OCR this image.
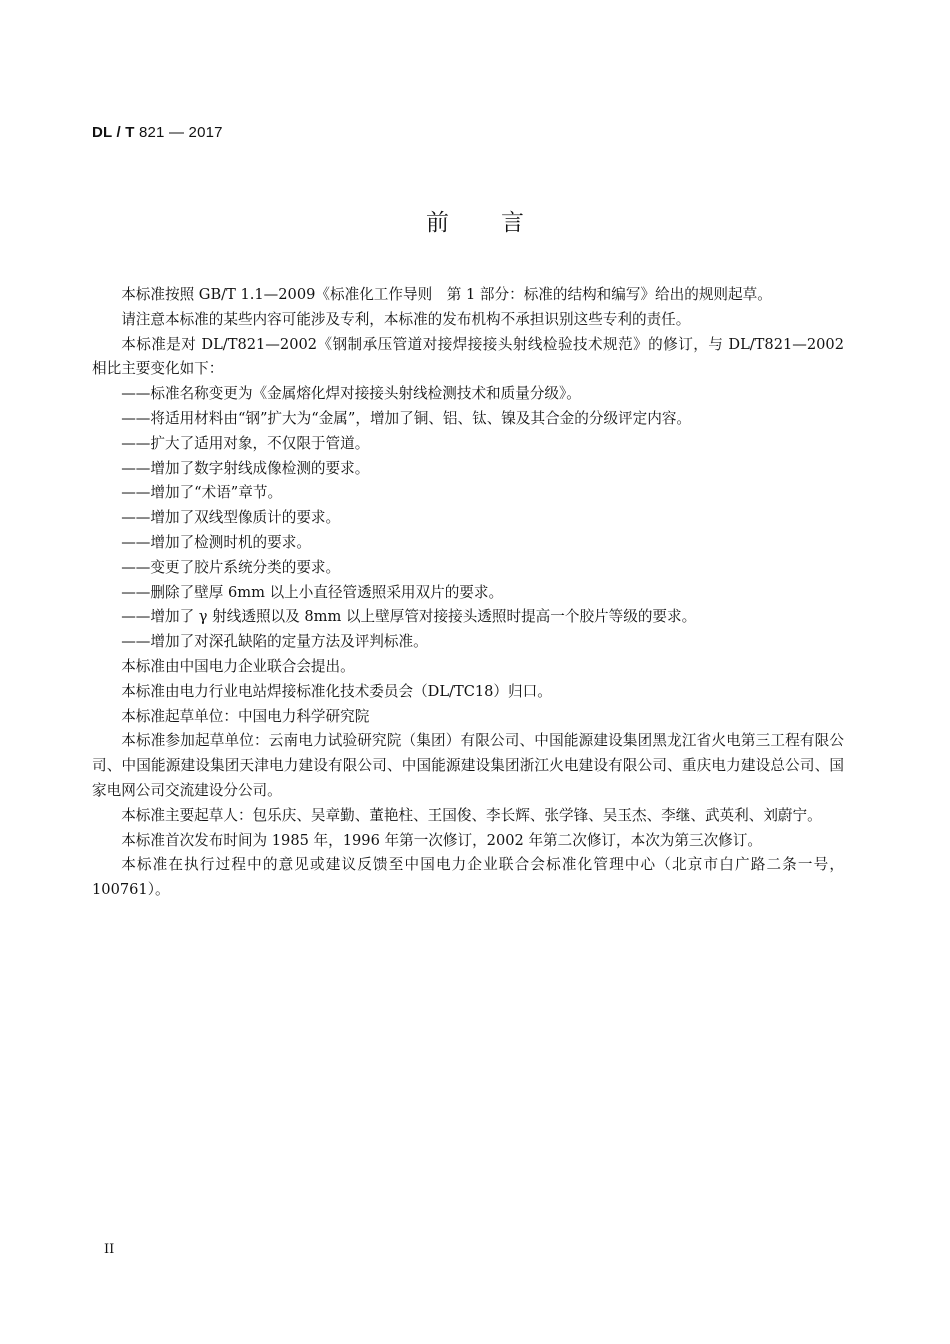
DL / T 821 — 2017
前言

本标准按照 GB/T 1.1—2009《标准化工作导则　第 1 部分：标准的结构和编写》给出的规则起草。

请注意本标准的某些内容可能涉及专利，本标准的发布机构不承担识别这些专利的责任。

本标准是对 DL/T821—2002《钢制承压管道对接焊接接头射线检验技术规范》的修订，与 DL/T821—2002 相比主要变化如下：

——标准名称变更为《金属熔化焊对接接头射线检测技术和质量分级》。

——将适用材料由“钢”扩大为“金属”，增加了铜、铝、钛、镍及其合金的分级评定内容。

——扩大了适用对象，不仅限于管道。

——增加了数字射线成像检测的要求。

——增加了“术语”章节。

——增加了双线型像质计的要求。

——增加了检测时机的要求。

——变更了胶片系统分类的要求。

——删除了壁厚 6mm 以上小直径管透照采用双片的要求。

——增加了 γ 射线透照以及 8mm 以上壁厚管对接接头透照时提高一个胶片等级的要求。

——增加了对深孔缺陷的定量方法及评判标准。

本标准由中国电力企业联合会提出。

本标准由电力行业电站焊接标准化技术委员会（DL/TC18）归口。

本标准起草单位：中国电力科学研究院

本标准参加起草单位：云南电力试验研究院（集团）有限公司、中国能源建设集团黑龙江省火电第三工程有限公司、中国能源建设集团天津电力建设有限公司、中国能源建设集团浙江火电建设有限公司、重庆电力建设总公司、国家电网公司交流建设分公司。

本标准主要起草人：包乐庆、吴章勤、董艳柱、王国俊、李长辉、张学锋、吴玉杰、李继、武英利、刘蔚宁。

本标准首次发布时间为 1985 年，1996 年第一次修订，2002 年第二次修订，本次为第三次修订。

本标准在执行过程中的意见或建议反馈至中国电力企业联合会标准化管理中心（北京市白广路二条一号，100761）。

II
